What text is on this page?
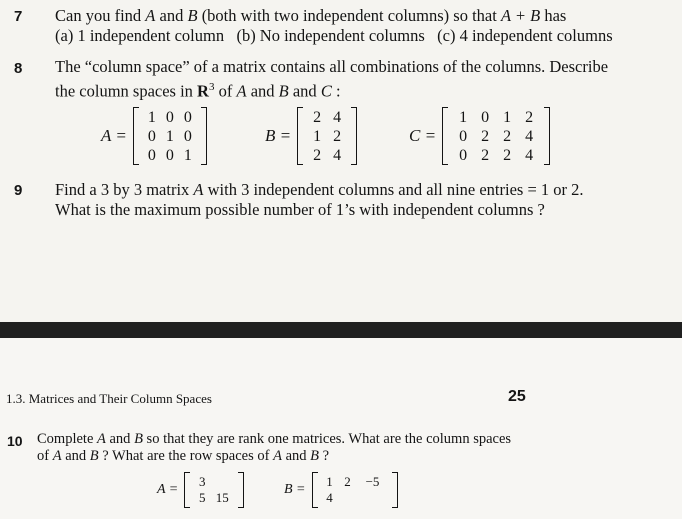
7 Can you find A and B (both with two independent columns) so that A + B has
(a) 1 independent column   (b) No independent columns   (c) 4 independent columns
8 The “column space” of a matrix contains all combinations of the columns. Describe
the column spaces in $R^3$ of A and B and C :
A =
1 0 0
0 1 0
0 0 1
B =
2 4
1 2
2 4
C =
1 0 1 2
0 2 2 4
0 2 2 4
9 Find a 3 by 3 matrix A with 3 independent columns and all nine entries = 1 or 2.
What is the maximum possible number of 1’s with independent columns ?
1.3. Matrices and Their Column Spaces	25
10 Complete A and B so that they are rank one matrices. What are the column spaces
of A and B ? What are the row spaces of A and B ?
A =
3

5 15
B =
1 2	−5
4
